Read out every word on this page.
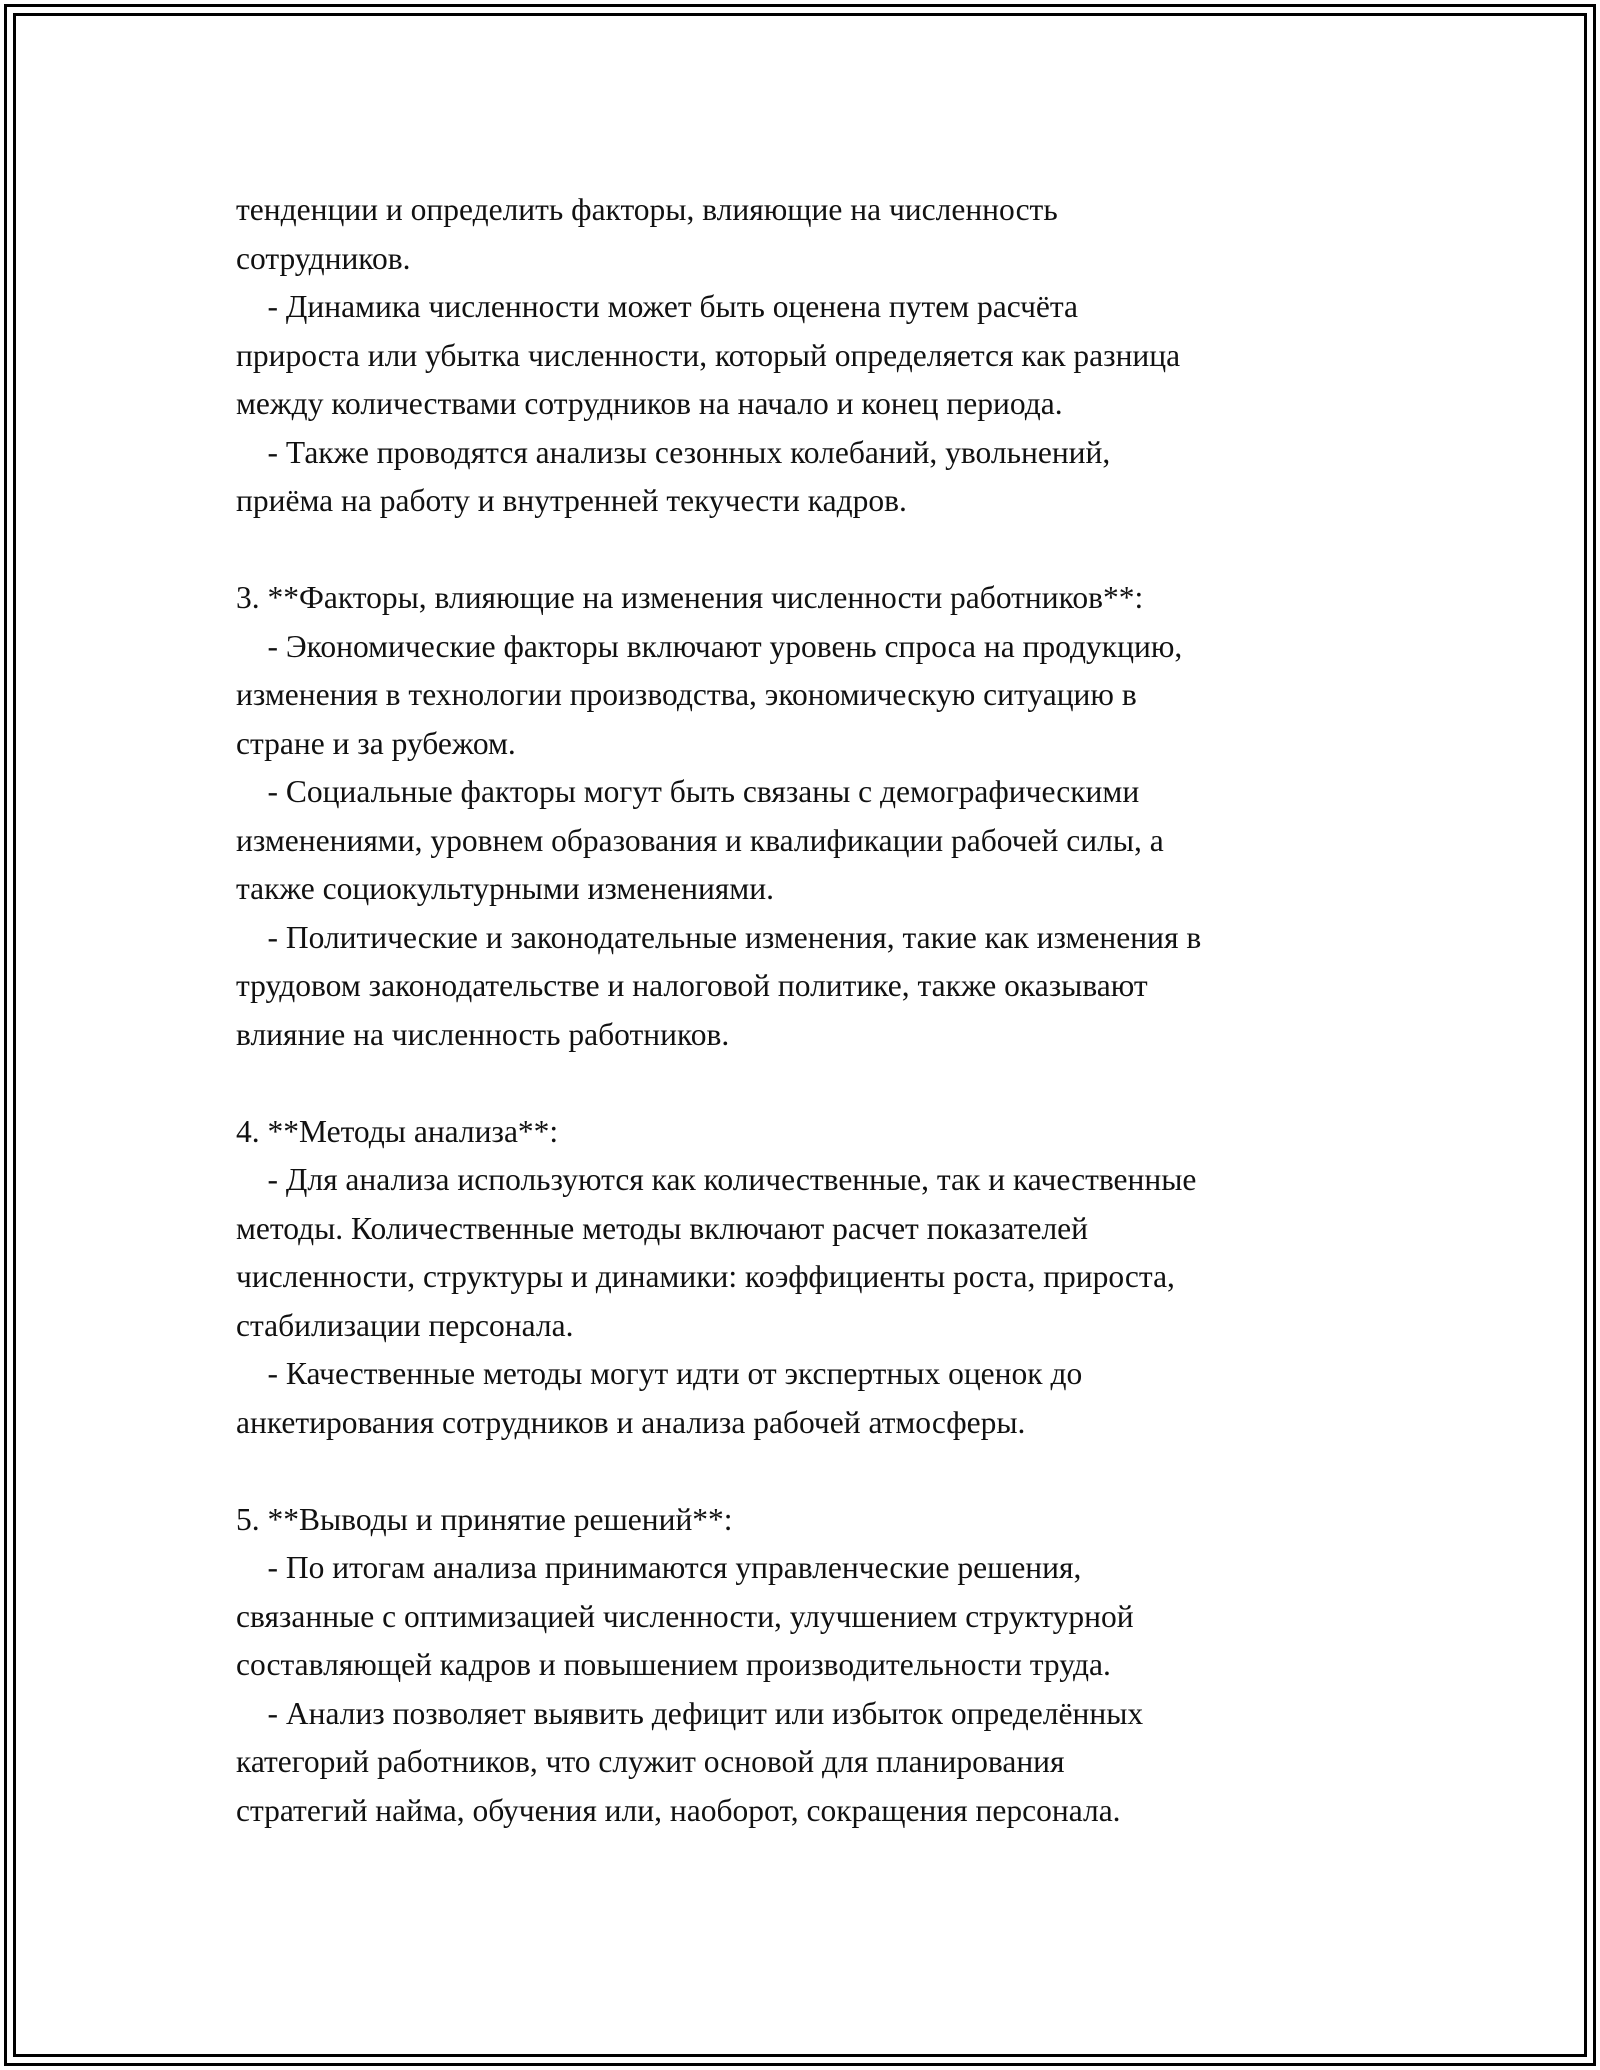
тенденции и определить факторы, влияющие на численность
сотрудников.
- Динамика численности может быть оценена путем расчёта
прироста или убытка численности, который определяется как разница
между количествами сотрудников на начало и конец периода.
- Также проводятся анализы сезонных колебаний, увольнений,
приёма на работу и внутренней текучести кадров.
3. **Факторы, влияющие на изменения численности работников**:
- Экономические факторы включают уровень спроса на продукцию,
изменения в технологии производства, экономическую ситуацию в
стране и за рубежом.
- Социальные факторы могут быть связаны с демографическими
изменениями, уровнем образования и квалификации рабочей силы, а
также социокультурными изменениями.
- Политические и законодательные изменения, такие как изменения в
трудовом законодательстве и налоговой политике, также оказывают
влияние на численность работников.
4. **Методы анализа**:
- Для анализа используются как количественные, так и качественные
методы. Количественные методы включают расчет показателей
численности, структуры и динамики: коэффициенты роста, прироста,
стабилизации персонала.
- Качественные методы могут идти от экспертных оценок до
анкетирования сотрудников и анализа рабочей атмосферы.
5. **Выводы и принятие решений**:
- По итогам анализа принимаются управленческие решения,
связанные с оптимизацией численности, улучшением структурной
составляющей кадров и повышением производительности труда.
- Анализ позволяет выявить дефицит или избыток определённых
категорий работников, что служит основой для планирования
стратегий найма, обучения или, наоборот, сокращения персонала.
